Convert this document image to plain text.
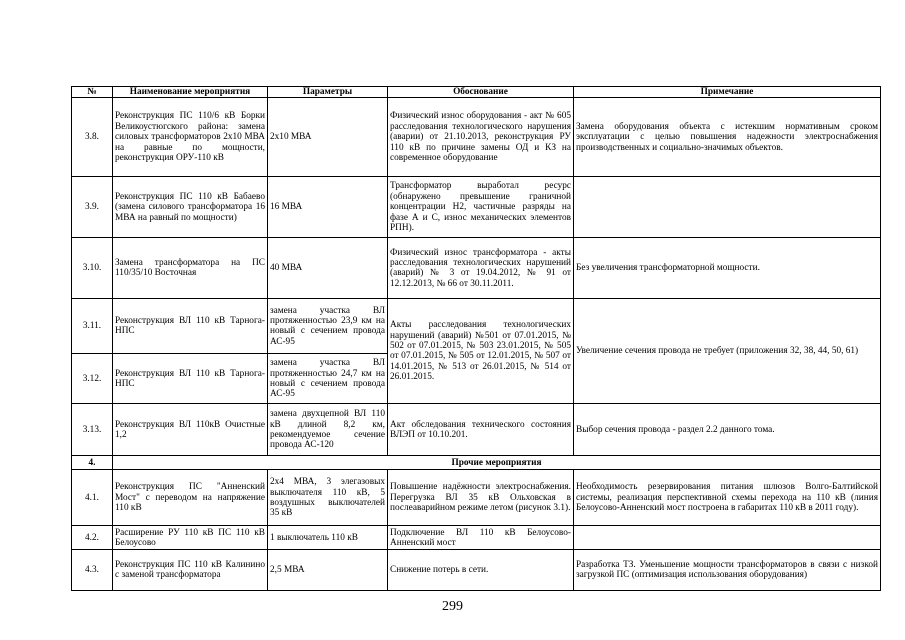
№	Наименование мероприятия	Параметры	Обоснование	Примечание
3.8.	Реконструкция ПС 110/6 кВ Борки Великоустюгского района: замена силовых трансформаторов 2х10 МВА на равные по мощности, реконструкция ОРУ-110 кВ	2х10 МВА	Физический износ оборудования - акт № 605 расследования технологического нарушения (аварии) от 21.10.2013, реконструкция РУ 110 кВ по причине замены ОД и КЗ на современное оборудование	Замена оборудования объекта с истекшим нормативным сроком эксплуатации с целью повышения надежности электроснабжения производственных и социально-значимых объектов.
3.9.	Реконструкция ПС 110 кВ Бабаево (замена силового трансформатора 16 МВА на равный по мощности)	16 МВА	Трансформатор выработал ресурс (обнаружено превышение граничной концентрации Н2, частичные разряды на фазе А и С, износ механических элементов РПН).	
3.10.	Замена трансформатора на ПС 110/35/10 Восточная	40 МВА	Физический износ трансформатора - акты расследования технологических нарушений (аварий) № 3 от 19.04.2012, № 91 от 12.12.2013, № 66 от 30.11.2011.	Без увеличения трансформаторной мощности.
3.11.	Реконструкция ВЛ 110 кВ Тарнога-НПС	замена участка ВЛ протяженностью 23,9 км на новый с сечением провода АС-95	Акты расследования технологических нарушений (аварий) №501 от 07.01.2015, № 502 от 07.01.2015, № 503 23.01.2015, № 505 от 07.01.2015, № 505 от 12.01.2015, № 507 от 14.01.2015, № 513 от 26.01.2015, № 514 от 26.01.2015.	Увеличение сечения провода не требует (приложения 32, 38, 44, 50, 61)
3.12.	Реконструкция ВЛ 110 кВ Тарнога-НПС	замена участка ВЛ протяженностью 24,7 км на новый с сечением провода АС-95		
3.13.	Реконструкция ВЛ 110кВ Очистные 1,2	замена двухцепной ВЛ 110 кВ длиной 8,2 км, рекомендуемое сечение провода АС-120	Акт обследования технического состояния ВЛЭП от 10.10.201.	Выбор сечения провода - раздел 2.2 данного тома.
4.	Прочие мероприятия			
4.1.	Реконструкция ПС "Анненский Мост" с переводом на напряжение 110 кВ	2х4 МВА, 3 элегазовых выключателя 110 кВ, 5 воздушных выключателей 35 кВ	Повышение надёжности электроснабжения. Перегрузка ВЛ 35 кВ Ольховская в послеаварийном режиме летом (рисунок 3.1).	Необходимость резервирования питания шлюзов Волго-Балтийской системы, реализация перспективной схемы перехода на 110 кВ (линия Белоусово-Анненский мост построена в габаритах 110 кВ в 2011 году).
4.2.	Расширение РУ 110 кВ ПС 110 кВ Белоусово	1 выключатель 110 кВ	Подключение ВЛ 110 кВ Белоусово-Анненский мост	
4.3.	Реконструкция ПС 110 кВ Калинино с заменой трансформатора	2,5 МВА	Снижение потерь в сети.	Разработка ТЗ. Уменьшение мощности трансформаторов в связи с низкой загрузкой ПС (оптимизация использования оборудования)
299
